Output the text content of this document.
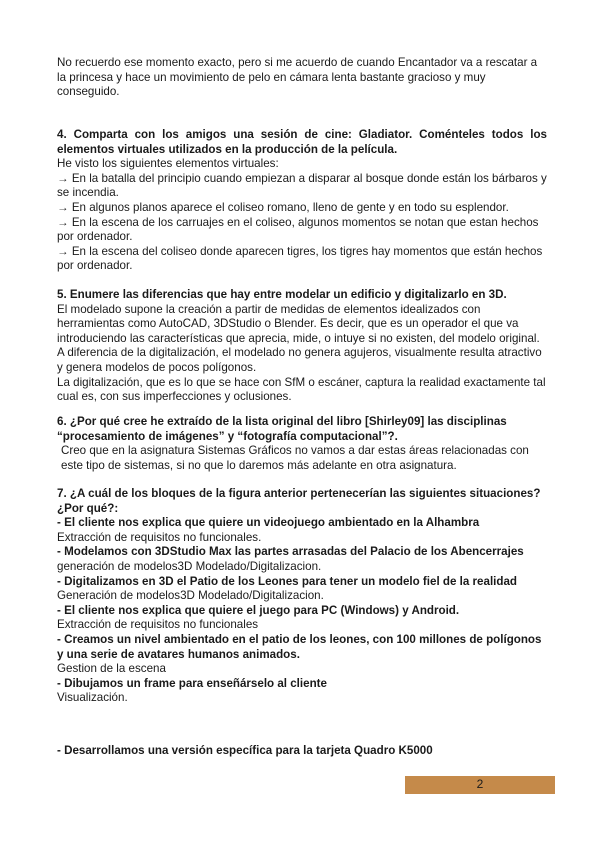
No recuerdo ese momento exacto, pero si me acuerdo de cuando Encantador va a rescatar a la princesa y hace un movimiento de pelo en cámara lenta bastante gracioso y muy conseguido.

4. Comparta con los amigos una sesión de cine: Gladiator. Coménteles todos los elementos virtuales utilizados en la producción de la película.

He visto los siguientes elementos virtuales:

→ En la batalla del principio cuando empiezan a disparar al bosque donde están los bárbaros y se incendia.

→ En algunos planos aparece el coliseo romano, lleno de gente y en todo su esplendor.

→ En la escena de los carruajes en el coliseo, algunos momentos se notan que estan hechos por ordenador.

→ En la escena del coliseo donde aparecen tigres, los tigres hay momentos que están hechos por ordenador.

5. Enumere las diferencias que hay entre modelar un edificio y digitalizarlo en 3D.

El modelado supone la creación a partir de medidas de elementos idealizados con herramientas como AutoCAD, 3DStudio o Blender. Es decir, que es un operador el que va introduciendo las características que aprecia, mide, o intuye si no existen, del modelo original. A diferencia de la digitalización, el modelado no genera agujeros, visualmente resulta atractivo y genera modelos de pocos polígonos.

La digitalización, que es lo que se hace con SfM o escáner, captura la realidad exactamente tal cual es, con sus imperfecciones y oclusiones.

6. ¿Por qué cree he extraído de la lista original del libro [Shirley09] las disciplinas “procesamiento de imágenes” y “fotografía computacional”?.

Creo que en la asignatura Sistemas Gráficos no vamos a dar estas áreas relacionadas con este tipo de sistemas, si no que lo daremos más adelante en otra asignatura.

7. ¿A cuál de los bloques de la figura anterior pertenecerían las siguientes situaciones? ¿Por qué?:

- El cliente nos explica que quiere un videojuego ambientado en la Alhambra

Extracción de requisitos no funcionales.

- Modelamos con 3DStudio Max las partes arrasadas del Palacio de los Abencerrajes

generación de modelos3D Modelado/Digitalizacion.

- Digitalizamos en 3D el Patio de los Leones para tener un modelo fiel de la realidad

Generación de modelos3D Modelado/Digitalizacion.

- El cliente nos explica que quiere el juego para PC (Windows) y Android.

Extracción de requisitos no funcionales

- Creamos un nivel ambientado en el patio de los leones, con 100 millones de polígonos y una serie de avatares humanos animados.

Gestion de la escena

- Dibujamos un frame para enseñárselo al cliente

Visualización.

- Desarrollamos una versión específica para la tarjeta Quadro K5000

2
